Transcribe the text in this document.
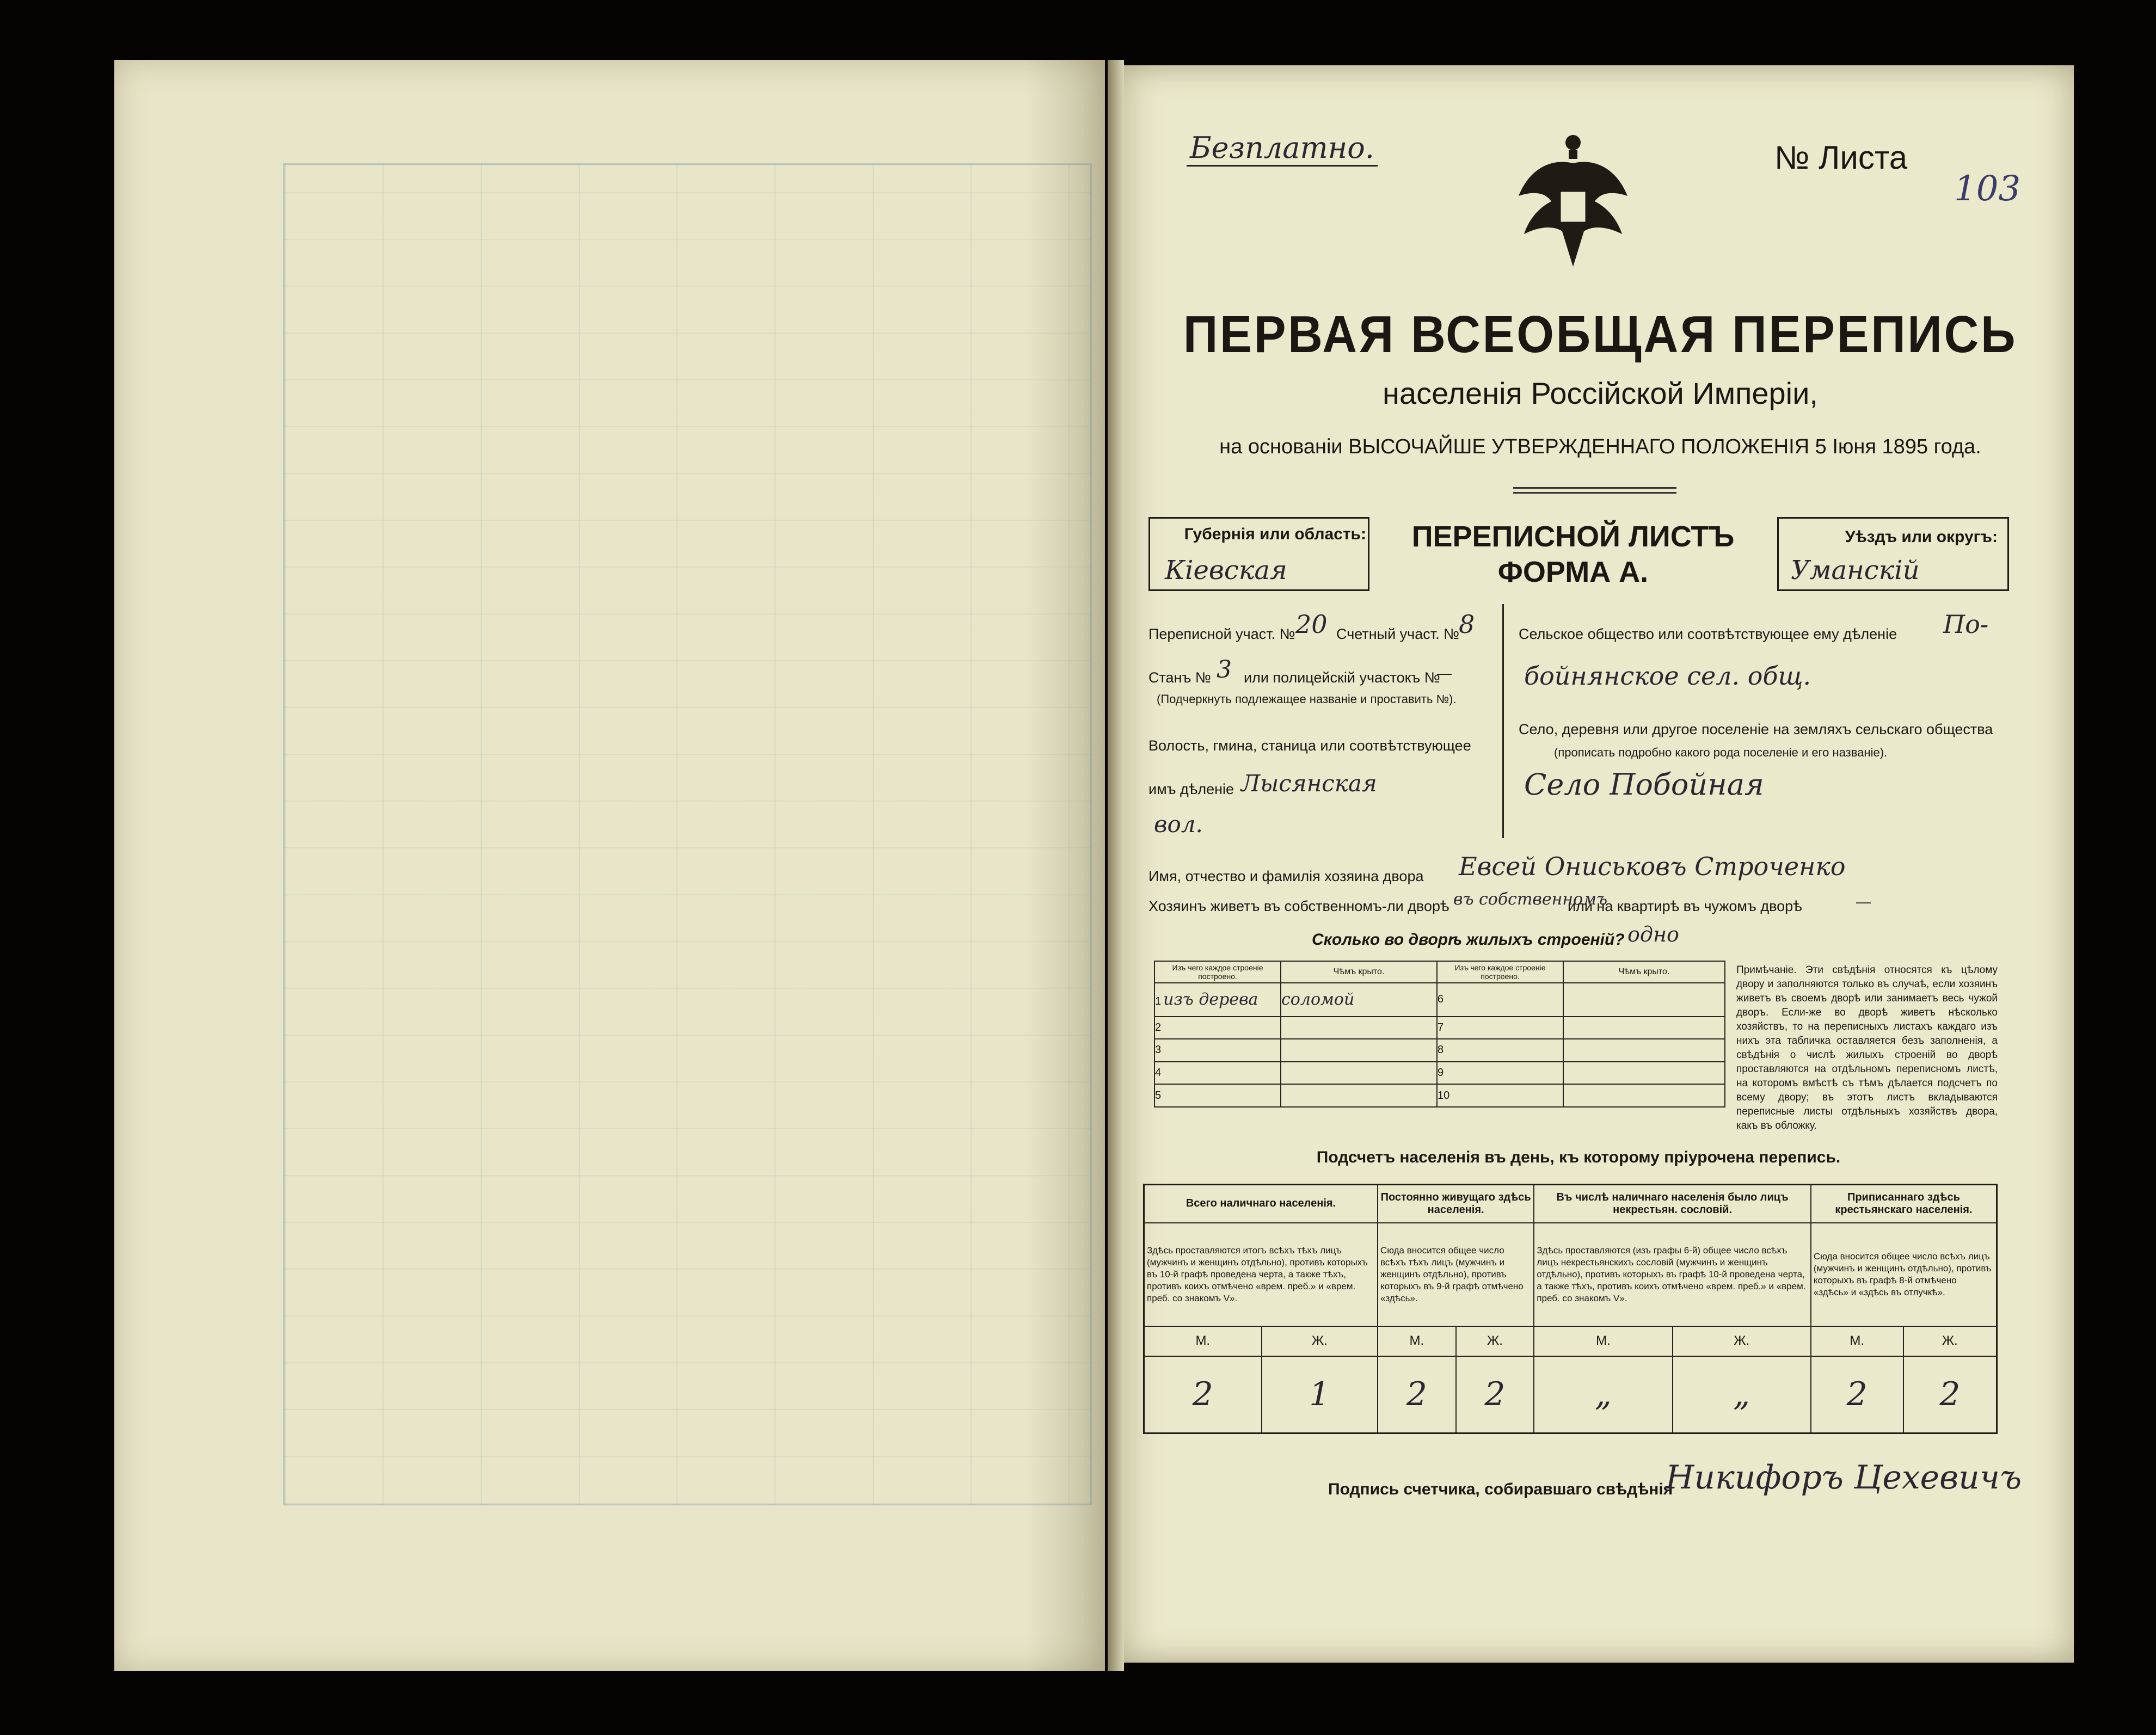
Безплатно.	№ Листа
103
ПЕРВАЯ ВСЕОБЩАЯ ПЕРЕПИСЬ
населенія Россійской Имперіи,
на основаніи ВЫСОЧАЙШЕ УТВЕРЖДЕННАГО ПОЛОЖЕНІЯ 5 Іюня 1895 года.
Губернія или область:
Кіевская
ПЕРЕПИСНОЙ ЛИСТЪ
ФОРМА А.
Уѣздъ или округъ:
Уманскій
Переписной участ. № 20 Счетный участ. №
8
Станъ № 3 или полицейскій участокъ №
—
(Подчеркнуть подлежащее названіе и проставить №).
Волость, гмина, станица или соотвѣтствующее
имъ дѣленіе Лысянская
вол.
Сельское общество или соотвѣтствующее ему дѣленіе По-
бойнянское сел. общ.
Село, деревня или другое поселеніе на земляхъ сельскаго общества
(прописать подробно какого рода поселеніе и его названіе).
Село Побойная
Имя, отчество и фамилія хозяина двора Евсей Ониськовъ Строченко
Хозяинъ живетъ въ собственномъ-ли дворѣ въ собственномъ
или на квартирѣ въ чужомъ дворѣ	—
Сколько во дворѣ жилыхъ строеній? одно
Изъ чего каждое строеніе построено.	Чѣмъ крыто.	Изъ чего каждое строеніе построено.	Чѣмъ крыто.

1 изъ дерева	соломой	6	
2		7	
3		8	
4		9	
5		10	
Примѣчаніе. Эти свѣдѣнія относятся къ цѣлому двору и заполняются только въ случаѣ, если хозяинъ живетъ въ своемъ дворѣ или занимаетъ весь чужой дворъ. Если-же во дворѣ живетъ нѣсколько хозяйствъ, то на переписныхъ листахъ каждаго изъ нихъ эта табличка оставляется безъ заполненія, а свѣдѣнія о числѣ жилыхъ строеній во дворѣ проставляются на отдѣльномъ переписномъ листѣ, на которомъ вмѣстѣ съ тѣмъ дѣлается подсчетъ по всему двору; въ этотъ листъ вкладываются переписные листы отдѣльныхъ хозяйствъ двора, какъ въ обложку.
Подсчетъ населенія въ день, къ которому пріурочена перепись.
Всего наличнаго населенія.		Постоянно живущаго здѣсь населенія.		Въ числѣ наличнаго населенія было лицъ некрестьян. сословій.		Приписаннаго здѣсь крестьянскаго населенія.	

Здѣсь проставляются итогъ всѣхъ тѣхъ лицъ (мужчинъ и женщинъ отдѣльно), противъ которыхъ въ 10-й графѣ проведена черта, а также тѣхъ, противъ коихъ отмѣчено «врем. преб.» и «врем. преб. со знакомъ V».		Сюда вносится общее число всѣхъ тѣхъ лицъ (мужчинъ и женщинъ отдѣльно), противъ которыхъ въ 9-й графѣ отмѣчено «здѣсь».		Здѣсь проставляются (изъ графы 6-й) общее число всѣхъ лицъ некрестьянскихъ сословій (мужчинъ и женщинъ отдѣльно), противъ которыхъ въ графѣ 10-й проведена черта, а также тѣхъ, противъ коихъ отмѣчено «врем. преб.» и «врем. преб. со знакомъ V».		Сюда вносится общее число всѣхъ лицъ (мужчинъ и женщинъ отдѣльно), противъ которыхъ въ графѣ 8-й отмѣчено «здѣсь» и «здѣсь въ отлучкѣ».	

М.	Ж.	М.	Ж.	М.	Ж.	М.	Ж.
2	1	2	2	„	„	2	2
Подпись счетчика, собиравшаго свѣдѣнія
Никифоръ Цехевичъ
